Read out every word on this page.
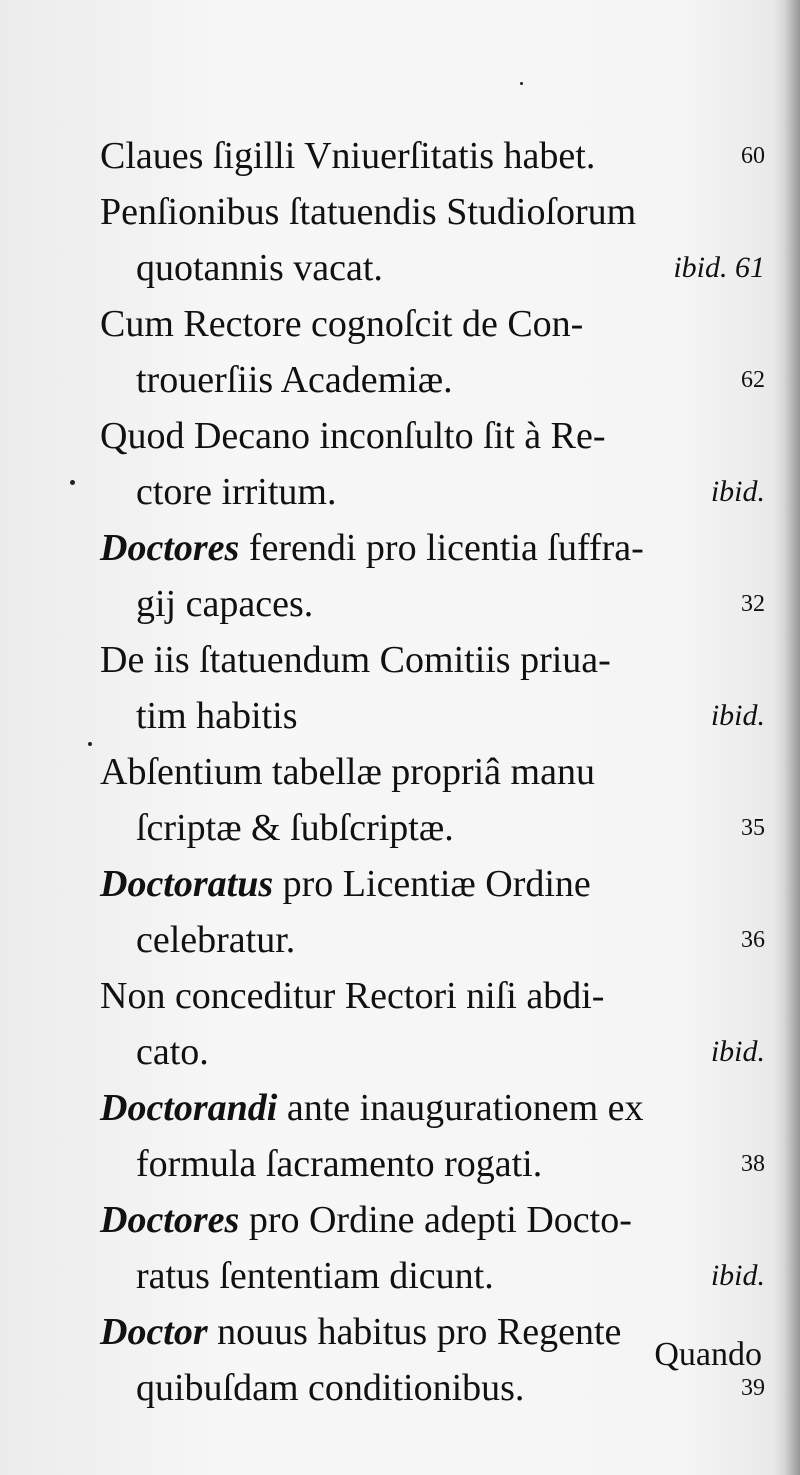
Claues ſigilli Vniuerſitatis habet.	60
Penſionibus ſtatuendis Studioſorum
quotannis vacat.	ibid. 61
Cum Rectore cognoſcit de Con-
trouerſiis Academiæ.	62
Quod Decano inconſulto ſit à Re-
ctore irritum.	ibid.
Doctores ferendi pro licentia ſuffra-
gij capaces.	32
De iis ſtatuendum Comitiis priua-
tim habitis	ibid.
Abſentium tabellæ propriâ manu
ſcriptæ & ſubſcriptæ.	35
Doctoratus pro Licentiæ Ordine
celebratur.	36
Non conceditur Rectori niſi abdi-
cato.	ibid.
Doctorandi ante inaugurationem ex
formula ſacramento rogati.	38
Doctores pro Ordine adepti Docto-
ratus ſententiam dicunt.	ibid.
Doctor nouus habitus pro Regente
quibuſdam conditionibus.	39
Quando
